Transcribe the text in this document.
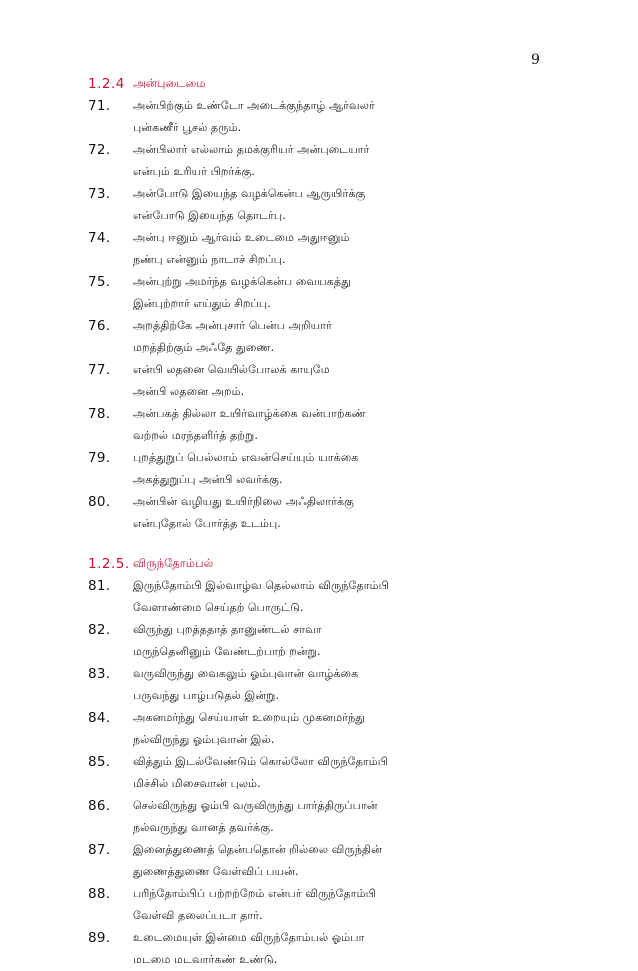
9
1.2.4 அன்புடைமை
71.	அன்பிற்கும் உண்டோ அடைக்குந்தாழ் ஆர்வலர்
புன்கணீர் பூசல் தரும்.
72.	அன்பிலார் எல்லாம் தமக்குரியர் அன்புடையார்
என்பும் உரியர் பிறர்க்கு.
73.	அன்போடு இயைந்த வழக்கென்ப ஆருயிர்க்கு
என்போடு இயைந்த தொடர்பு.
74.	அன்பு ஈனும் ஆர்வம் உடைமை அதுஈனும்
நண்பு என்னும் நாடாச் சிறப்பு.
75.	அன்புற்று அமர்ந்த வழக்கென்ப வையகத்து
இன்புற்றார் எய்தும் சிறப்பு.
76.	அறத்திற்கே அன்புசார் பென்ப அறியார்
மறத்திற்கும் அஃதே துணை.
77.	என்பி லதனை வெயில்போலக் காயுமே
அன்பி லதனை அறம்.
78.	அன்பகத் தில்லா உயிர்வாழ்க்கை வன்பாற்கண்
வற்றல் மரந்தளிர்த் தற்று.
79.	புறத்துறுப் பெல்லாம் எவன்செய்யும் யாக்கை
அகத்துறுப்பு அன்பி லவர்க்கு.
80.	அன்பின் வழியது உயிர்நிலை அஃதிலார்க்கு
என்புதோல் போர்த்த உடம்பு.
1.2.5. விருந்தோம்பல்
81.	இருந்தோம்பி இல்வாழ்வ தெல்லாம் விருந்தோம்பி
வேளாண்மை செய்தற் பொருட்டு.
82.	விருந்து புறத்ததாத் தானுண்டல் சாவா
மருந்தெனினும் வேண்டற்பாற் றன்று.
83.	வருவிருந்து வைகலும் ஓம்புவான் வாழ்க்கை
பருவந்து பாழ்படுதல் இன்று.
84.	அகனமர்ந்து செய்யாள் உறையும் முகனமர்ந்து
நல்விருந்து ஓம்புவான் இல்.
85.	வித்தும் இடல்வேண்டும் கொல்லோ விருந்தோம்பி
மிச்சில் மிசைவான் புலம்.
86.	செல்விருந்து ஓம்பி வருவிருந்து பார்த்திருப்பான்
நல்வருந்து வானத் தவர்க்கு.
87.	இனைத்துணைத் தென்பதொன் றில்லை விருந்தின்
துணைத்துணை வேள்விப் பயன்.
88.	பரிந்தோம்பிப் பற்றற்றேம் என்பர் விருந்தோம்பி
வேள்வி தலைப்படா தார்.
89.	உடைமையுள் இன்மை விருந்தோம்பல் ஓம்பா
மடமை மடவார்கண் உண்டு.
